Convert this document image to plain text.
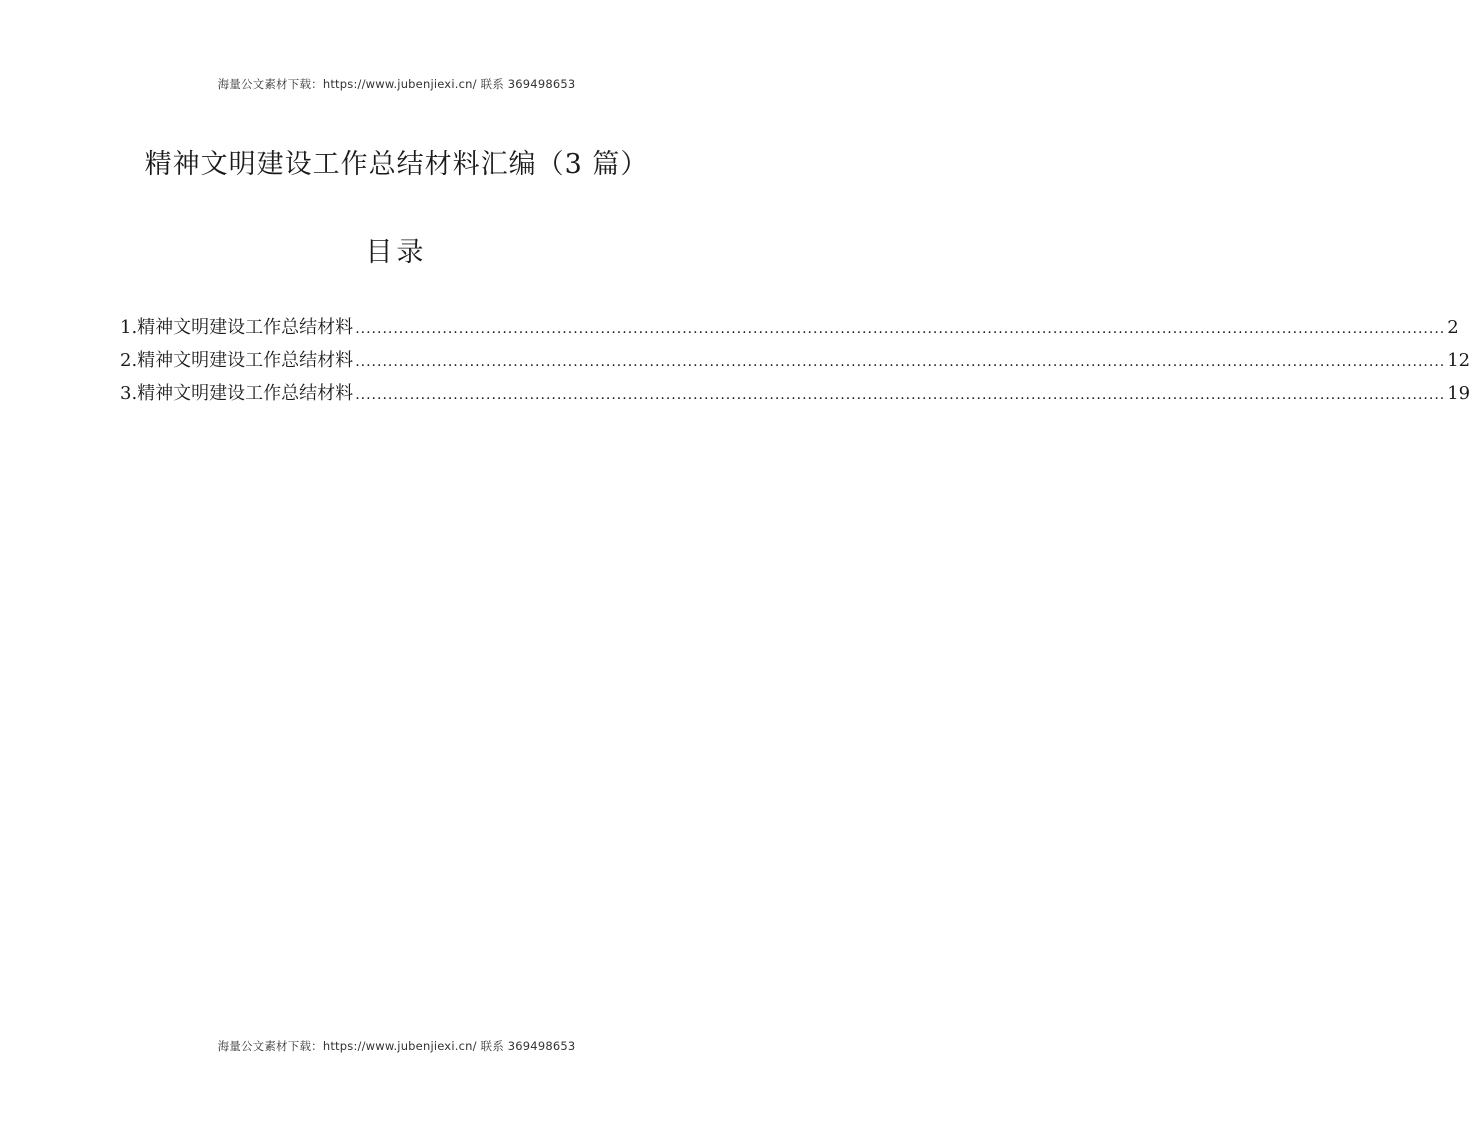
海量公文素材下载：https://www.jubenjiexi.cn/ 联系 369498653
精神文明建设工作总结材料汇编（3 篇）
目录
1.精神文明建设工作总结材料 ........................................................................................................................................................................................................ 2
2.精神文明建设工作总结材料 ........................................................................................................................................................................................................ 12
3.精神文明建设工作总结材料 ........................................................................................................................................................................................................ 19
海量公文素材下载：https://www.jubenjiexi.cn/ 联系 369498653
